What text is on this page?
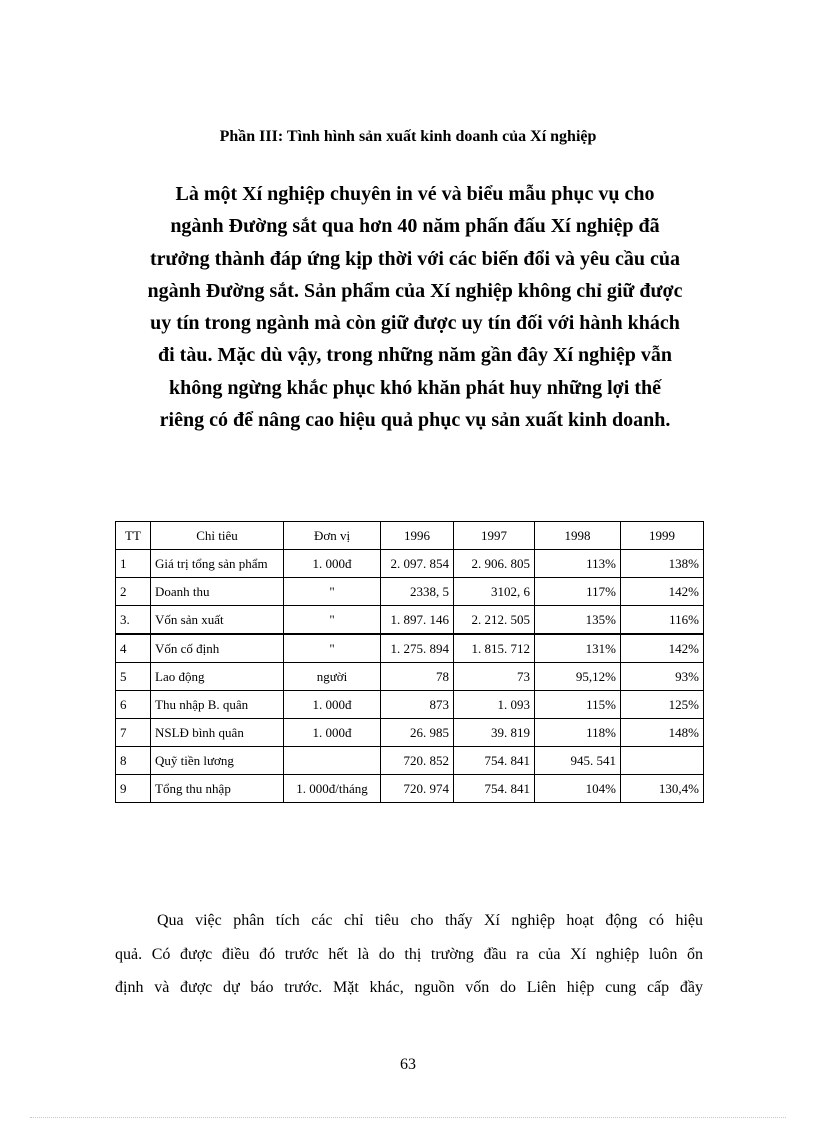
Phần III: Tình hình sản xuất kinh doanh của Xí nghiệp
Là một Xí nghiệp chuyên in vé và biểu mẫu phục vụ cho
ngành Đường sắt qua hơn 40 năm phấn đấu Xí nghiệp đã
trưởng thành đáp ứng kịp thời với các biến đổi và yêu cầu của
ngành Đường sắt. Sản phẩm của Xí nghiệp không chỉ giữ được
uy tín trong ngành mà còn giữ được uy tín đối với hành khách
đi tàu. Mặc dù vậy, trong những năm gần đây Xí nghiệp vẫn
không ngừng khắc phục khó khăn phát huy những lợi thế
riêng có để nâng cao hiệu quả phục vụ sản xuất kinh doanh.
TT	Chỉ tiêu	Đơn vị	1996	1997	1998	1999
1	Giá trị tổng sản phẩm	1. 000đ	2. 097. 854	2. 906. 805	113%	138%
2	Doanh thu	"	2338, 5	3102, 6	117%	142%
3.	Vốn sản xuất	"	1. 897. 146	2. 212. 505	135%	116%
4	Vốn cố định	"	1. 275. 894	1. 815. 712	131%	142%
5	Lao động	người	78	73	95,12%	93%
6	Thu nhập B. quân	1. 000đ	873	1. 093	115%	125%
7	NSLĐ bình quân	1. 000đ	26. 985	39. 819	118%	148%
8	Quỹ tiền lương		720. 852	754. 841	945. 541	
9	Tổng thu nhập	1. 000đ/tháng	720. 974	754. 841	104%	130,4%
Qua việc phân tích các chỉ tiêu cho thấy Xí nghiệp hoạt động có hiệu
quả. Có được điều đó trước hết là do thị trường đầu ra của Xí nghiệp luôn ổn
định và được dự báo trước. Mặt khác, nguồn vốn do Liên hiệp cung cấp đầy
63
